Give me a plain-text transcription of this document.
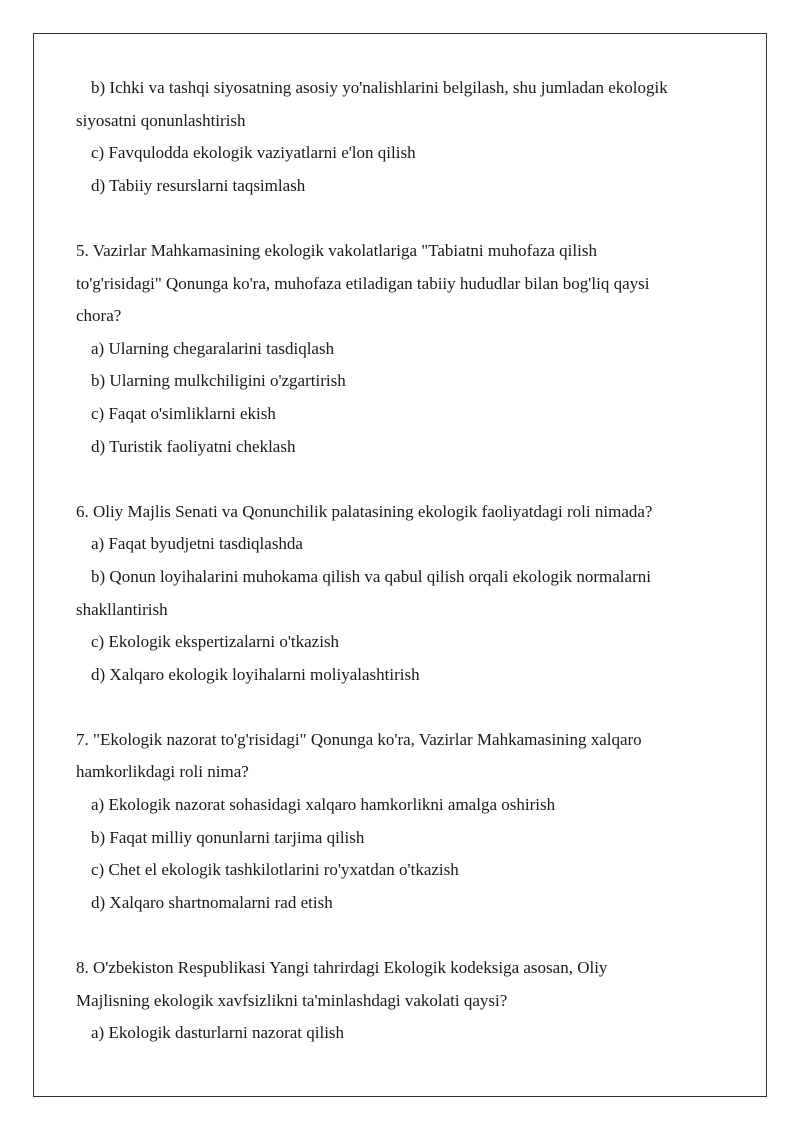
b) Ichki va tashqi siyosatning asosiy yo'nalishlarini belgilash, shu jumladan ekologik
siyosatni qonunlashtirish
c) Favqulodda ekologik vaziyatlarni e'lon qilish
d) Tabiiy resurslarni taqsimlash
5. Vazirlar Mahkamasining ekologik vakolatlariga "Tabiatni muhofaza qilish
to'g'risidagi" Qonunga ko'ra, muhofaza etiladigan tabiiy hududlar bilan bog'liq qaysi
chora?
a) Ularning chegaralarini tasdiqlash
b) Ularning mulkchiligini o'zgartirish
c) Faqat o'simliklarni ekish
d) Turistik faoliyatni cheklash
6. Oliy Majlis Senati va Qonunchilik palatasining ekologik faoliyatdagi roli nimada?
a) Faqat byudjetni tasdiqlashda
b) Qonun loyihalarini muhokama qilish va qabul qilish orqali ekologik normalarni
shakllantirish
c) Ekologik ekspertizalarni o'tkazish
d) Xalqaro ekologik loyihalarni moliyalashtirish
7. "Ekologik nazorat to'g'risidagi" Qonunga ko'ra, Vazirlar Mahkamasining xalqaro
hamkorlikdagi roli nima?
a) Ekologik nazorat sohasidagi xalqaro hamkorlikni amalga oshirish
b) Faqat milliy qonunlarni tarjima qilish
c) Chet el ekologik tashkilotlarini ro'yxatdan o'tkazish
d) Xalqaro shartnomalarni rad etish
8. O'zbekiston Respublikasi Yangi tahrirdagi Ekologik kodeksiga asosan, Oliy
Majlisning ekologik xavfsizlikni ta'minlashdagi vakolati qaysi?
a) Ekologik dasturlarni nazorat qilish
